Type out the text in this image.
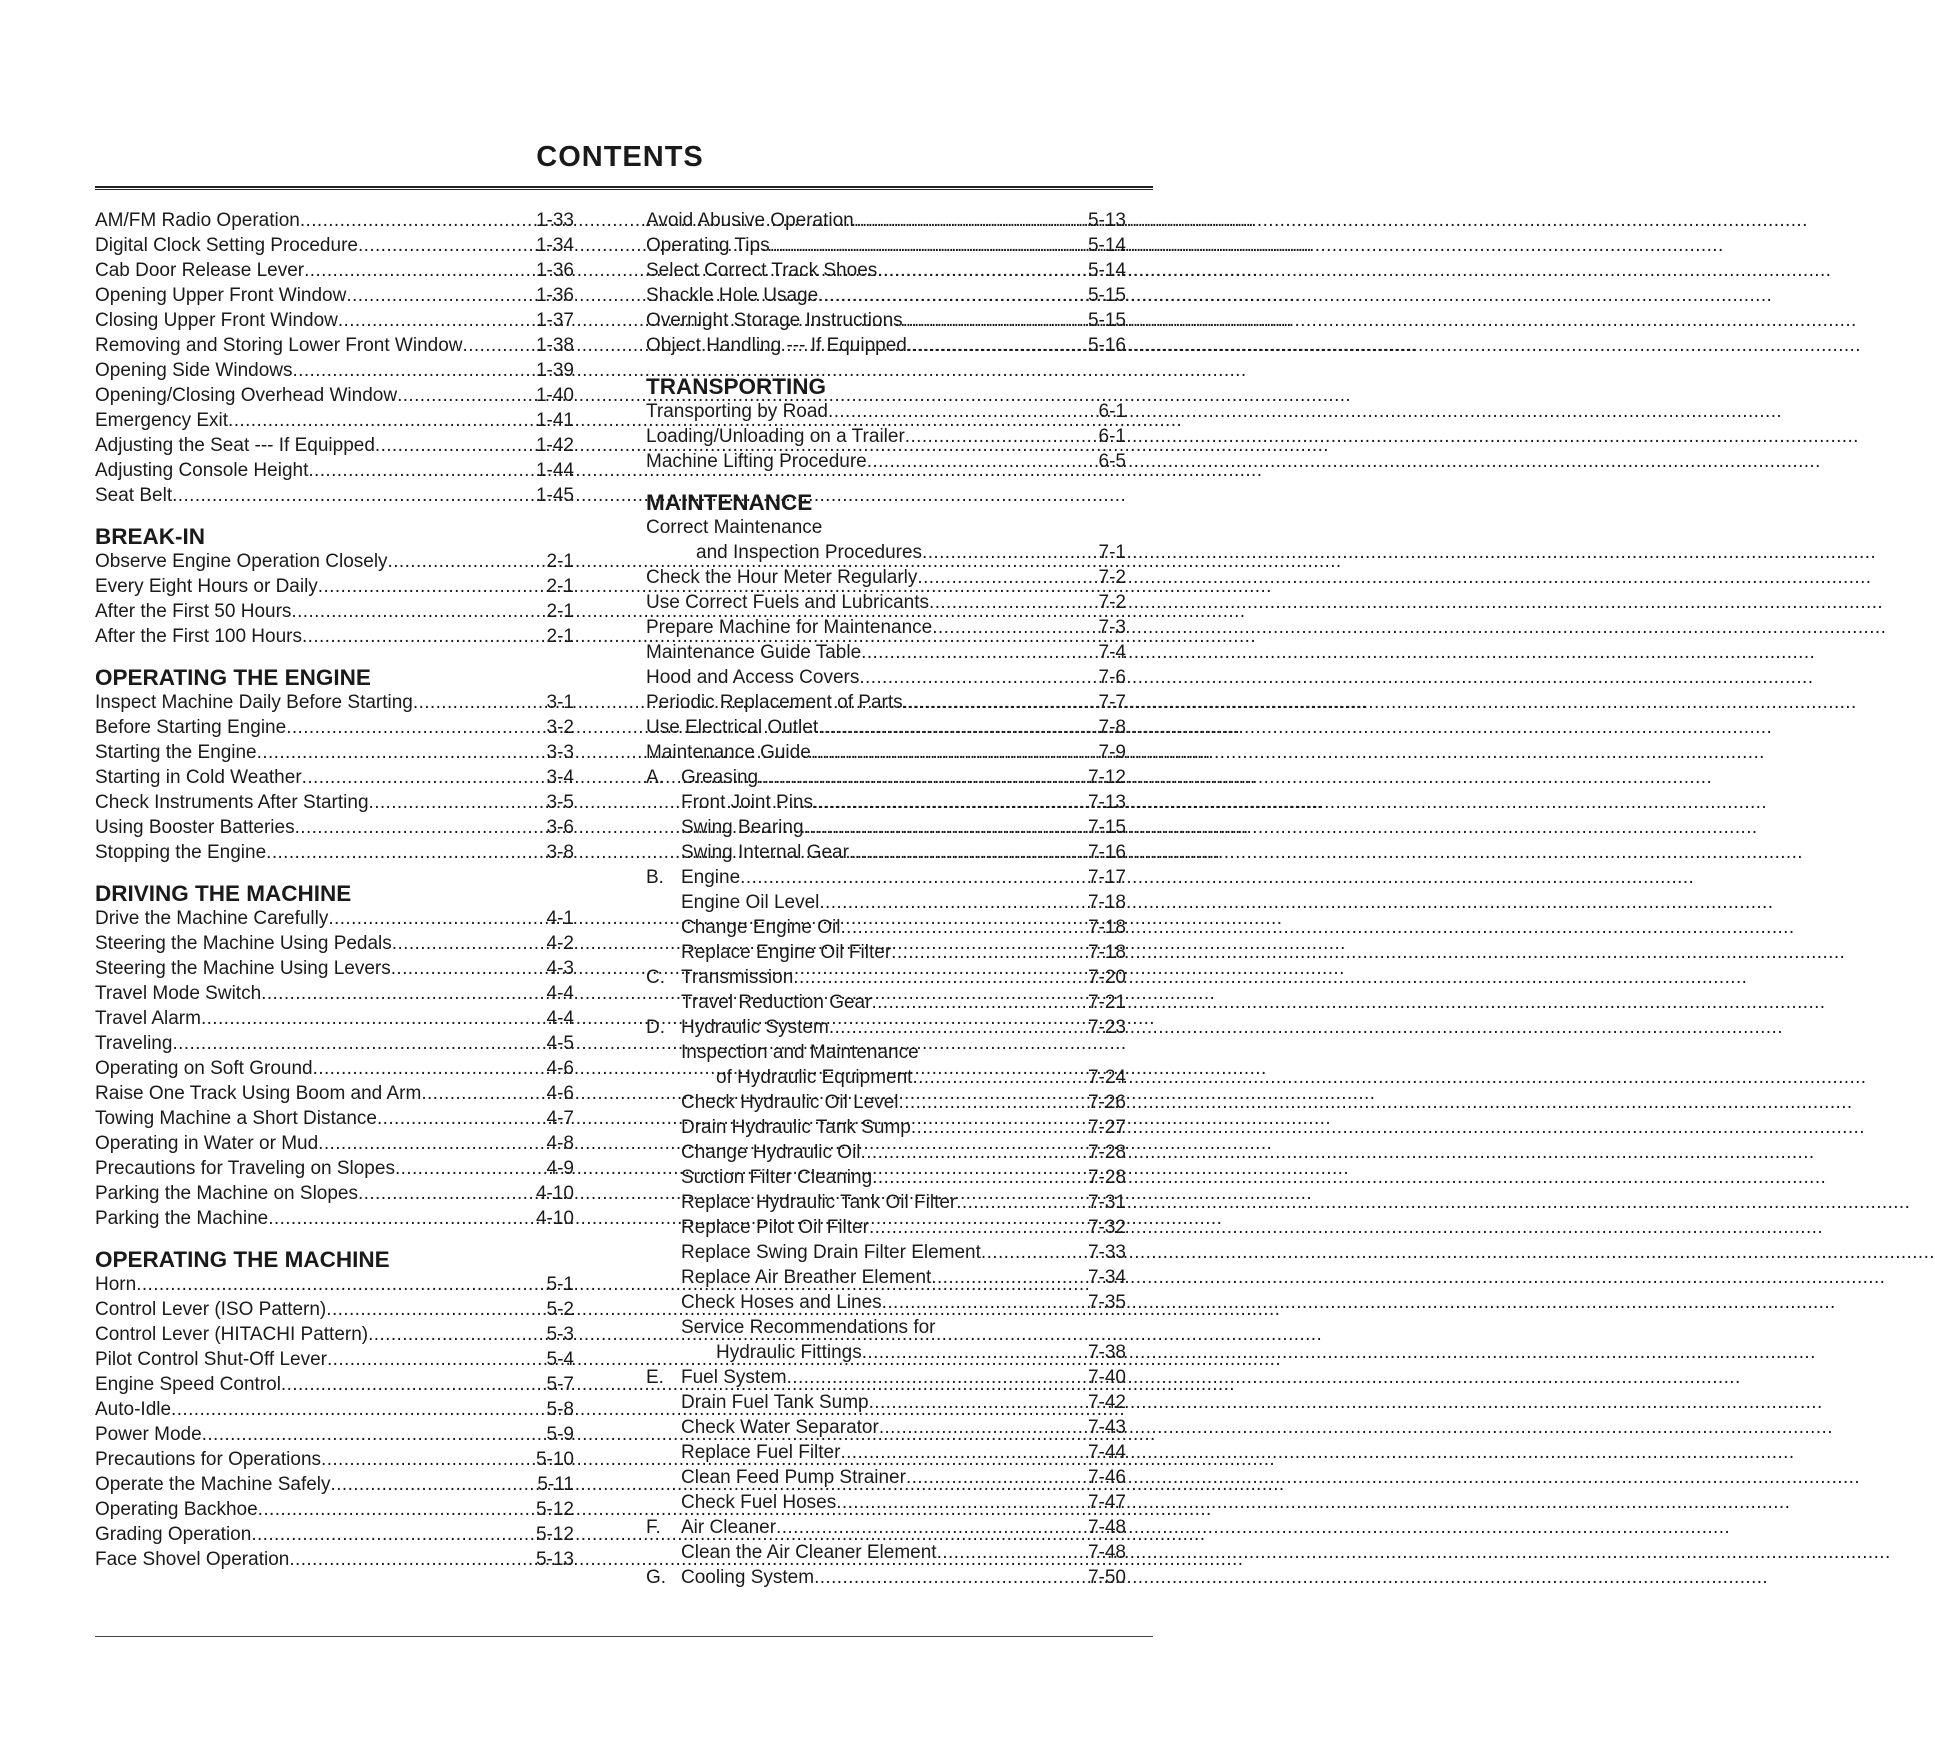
CONTENTS
AM/FM Radio Operation .....	1-33
Digital Clock Setting Procedure .....	1-34
Cab Door Release Lever .....	1-36
Opening Upper Front Window .....	1-36
Closing Upper Front Window .....	1-37
Removing and Storing Lower Front Window .....	1-38
Opening Side Windows .....	1-39
Opening/Closing Overhead Window .....	1-40
Emergency Exit .....	1-41
Adjusting the Seat --- If Equipped .....	1-42
Adjusting Console Height .....	1-44
Seat Belt .....	1-45
BREAK-IN
Observe Engine Operation Closely .....	2-1
Every Eight Hours or Daily .....	2-1
After the First 50 Hours .....	2-1
After the First 100 Hours .....	2-1
OPERATING THE ENGINE
Inspect Machine Daily Before Starting .....	3-1
Before Starting Engine .....	3-2
Starting the Engine .....	3-3
Starting in Cold Weather .....	3-4
Check Instruments After Starting .....	3-5
Using Booster Batteries .....	3-6
Stopping the Engine .....	3-8
DRIVING THE MACHINE
Drive the Machine Carefully .....	4-1
Steering the Machine Using Pedals .....	4-2
Steering the Machine Using Levers .....	4-3
Travel Mode Switch .....	4-4
Travel Alarm .....	4-4
Traveling .....	4-5
Operating on Soft Ground .....	4-6
Raise One Track Using Boom and Arm .....	4-6
Towing Machine a Short Distance .....	4-7
Operating in Water or Mud .....	4-8
Precautions for Traveling on Slopes .....	4-9
Parking the Machine on Slopes .....	4-10
Parking the Machine .....	4-10
OPERATING THE MACHINE
Horn .....	5-1
Control Lever (ISO Pattern) .....	5-2
Control Lever (HITACHI Pattern) .....	5-3
Pilot Control Shut-Off Lever .....	5-4
Engine Speed Control .....	5-7
Auto-Idle .....	5-8
Power Mode .....	5-9
Precautions for Operations .....	5-10
Operate the Machine Safely .....	5-11
Operating Backhoe .....	5-12
Grading Operation .....	5-12
Face Shovel Operation .....	5-13
Avoid Abusive Operation .....	5-13
Operating Tips .....	5-14
Select Correct Track Shoes .....	5-14
Shackle Hole Usage .....	5-15
Overnight Storage Instructions .....	5-15
Object Handling --- If Equipped .....	5-16
TRANSPORTING
Transporting by Road .....	6-1
Loading/Unloading on a Trailer .....	6-1
Machine Lifting Procedure .....	6-5
MAINTENANCE
Correct Maintenance
and Inspection Procedures .....	7-1
Check the Hour Meter Regularly .....	7-2
Use Correct Fuels and Lubricants .....	7-2
Prepare Machine for Maintenance .....	7-3
Maintenance Guide Table .....	7-4
Hood and Access Covers .....	7-6
Periodic Replacement of Parts .....	7-7
Use Electrical Outlet .....	7-8
Maintenance Guide .....	7-9
A. Greasing .....	7-12
Front Joint Pins .....	7-13
Swing Bearing .....	7-15
Swing Internal Gear .....	7-16
B. Engine .....	7-17
Engine Oil Level .....	7-18
Change Engine Oil .....	7-18
Replace Engine Oil Filter .....	7-18
C. Transmission .....	7-20
Travel Reduction Gear .....	7-21
D. Hydraulic System .....	7-23
Inspection and Maintenance
of Hydraulic Equipment .....	7-24
Check Hydraulic Oil Level .....	7-26
Drain Hydraulic Tank Sump .....	7-27
Change Hydraulic Oil .....	7-28
Suction Filter Cleaning .....	7-28
Replace Hydraulic Tank Oil Filter .....	7-31
Replace Pilot Oil Filter .....	7-32
Replace Swing Drain Filter Element .....	7-33
Replace Air Breather Element .....	7-34
Check Hoses and Lines .....	7-35
Service Recommendations for
Hydraulic Fittings .....	7-38
E. Fuel System .....	7-40
Drain Fuel Tank Sump .....	7-42
Check Water Separator .....	7-43
Replace Fuel Filter .....	7-44
Clean Feed Pump Strainer .....	7-46
Check Fuel Hoses .....	7-47
F.	Air Cleaner .....	7-48
Clean the Air Cleaner Element .....	7-48
G. Cooling System .....	7-50
